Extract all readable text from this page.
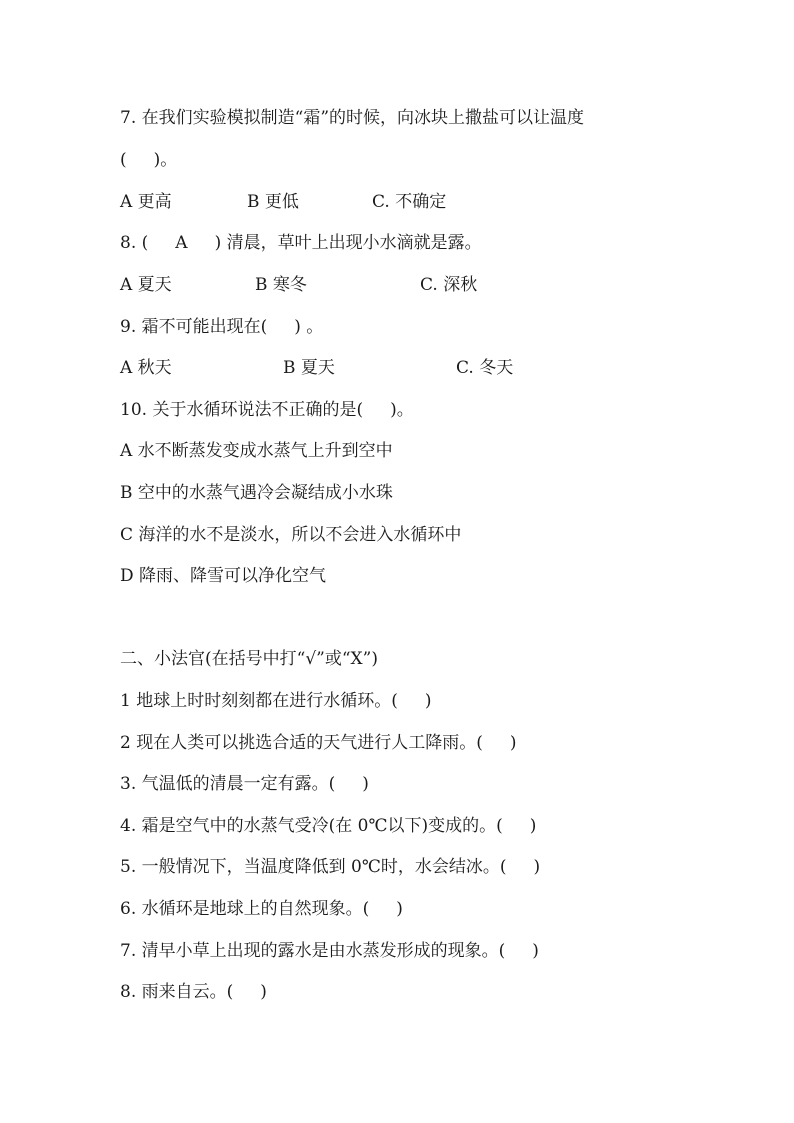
7. 在我们实验模拟制造“霜”的时候，向冰块上撒盐可以让温度
(     )。

A 更高

	B 更低

	C. 不确定

8. (     A     ) 清晨，草叶上出现小水滴就是露。

A 夏天

	B 寒冬

	C. 深秋

9. 霜不可能出现在(     ) 。

A 秋天

	B 夏天

	C. 冬天

10. 关于水循环说法不正确的是(     )。
A 水不断蒸发变成水蒸气上升到空中
B 空中的水蒸气遇冷会凝结成小水珠
C 海洋的水不是淡水，所以不会进入水循环中
D 降雨、降雪可以净化空气
二、小法官(在括号中打“√”或“X”)
1 地球上时时刻刻都在进行水循环。(     )
2 现在人类可以挑选合适的天气进行人工降雨。(     )
3. 气温低的清晨一定有露。(     )
4. 霜是空气中的水蒸气受冷(在 0℃以下)变成的。(     )
5. 一般情况下，当温度降低到 0℃时，水会结冰。(     )
6. 水循环是地球上的自然现象。(     )
7. 清早小草上出现的露水是由水蒸发形成的现象。(     )
8. 雨来自云。(     )
